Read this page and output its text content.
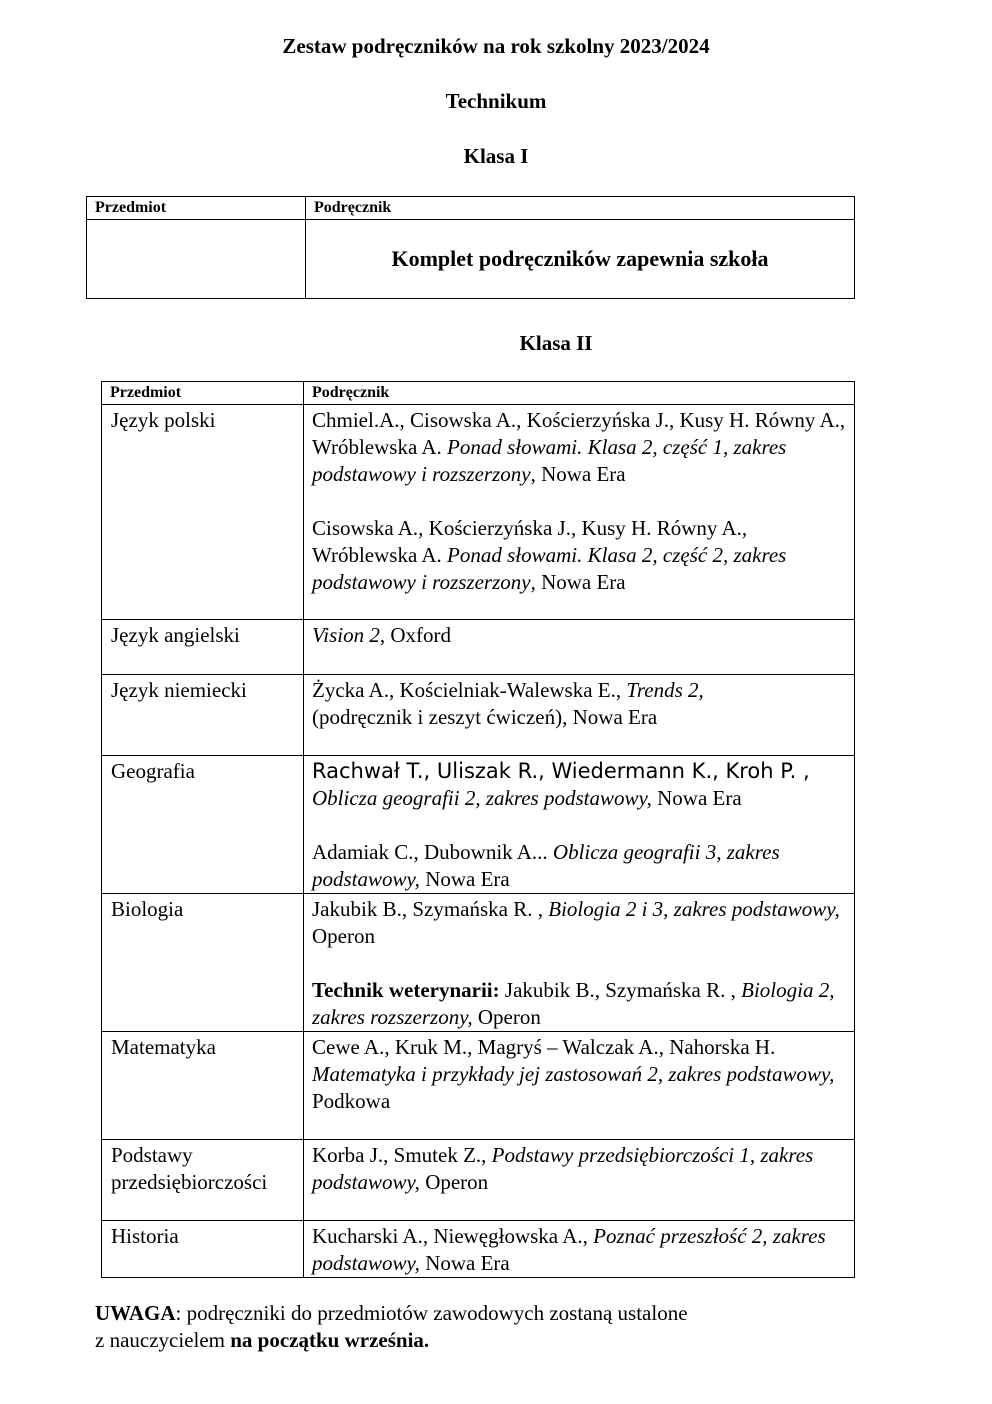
Zestaw podręczników na rok szkolny 2023/2024
Technikum
Klasa I
Przedmiot	Podręcznik
	Komplet podręczników zapewnia szkoła
Klasa II
Przedmiot	Podręcznik
Język polski	Chmiel.A., Cisowska A., Kościerzyńska J., Kusy H. Równy A., Wróblewska A. Ponad słowami. Klasa 2, część 1, zakres podstawowy i rozszerzony, Nowa Era
Cisowska A., Kościerzyńska J., Kusy H. Równy A., Wróblewska A. Ponad słowami. Klasa 2, część 2, zakres podstawowy i rozszerzony, Nowa Era
Język angielski	Vision 2, Oxford
Język niemiecki	Życka A., Kościelniak-Walewska E., Trends 2,
(podręcznik i zeszyt ćwiczeń), Nowa Era
Geografia	Rachwał T., Uliszak R., Wiedermann K., Kroh P. , Oblicza geografii 2, zakres podstawowy, Nowa Era
Adamiak C., Dubownik A... Oblicza geografii 3, zakres podstawowy, Nowa Era
Biologia	Jakubik B., Szymańska R. , Biologia 2 i 3, zakres podstawowy, Operon
Technik weterynarii: Jakubik B., Szymańska R. , Biologia 2, zakres rozszerzony, Operon
Matematyka	Cewe A., Kruk M., Magryś – Walczak A., Nahorska H. Matematyka i przykłady jej zastosowań 2, zakres podstawowy, Podkowa
Podstawy
przedsiębiorczości	Korba J., Smutek Z., Podstawy przedsiębiorczości 1, zakres podstawowy, Operon
Historia	Kucharski A., Niewęgłowska A., Poznać przeszłość 2, zakres podstawowy, Nowa Era
UWAGA: podręczniki do przedmiotów zawodowych zostaną ustalone
z nauczycielem na początku września.
